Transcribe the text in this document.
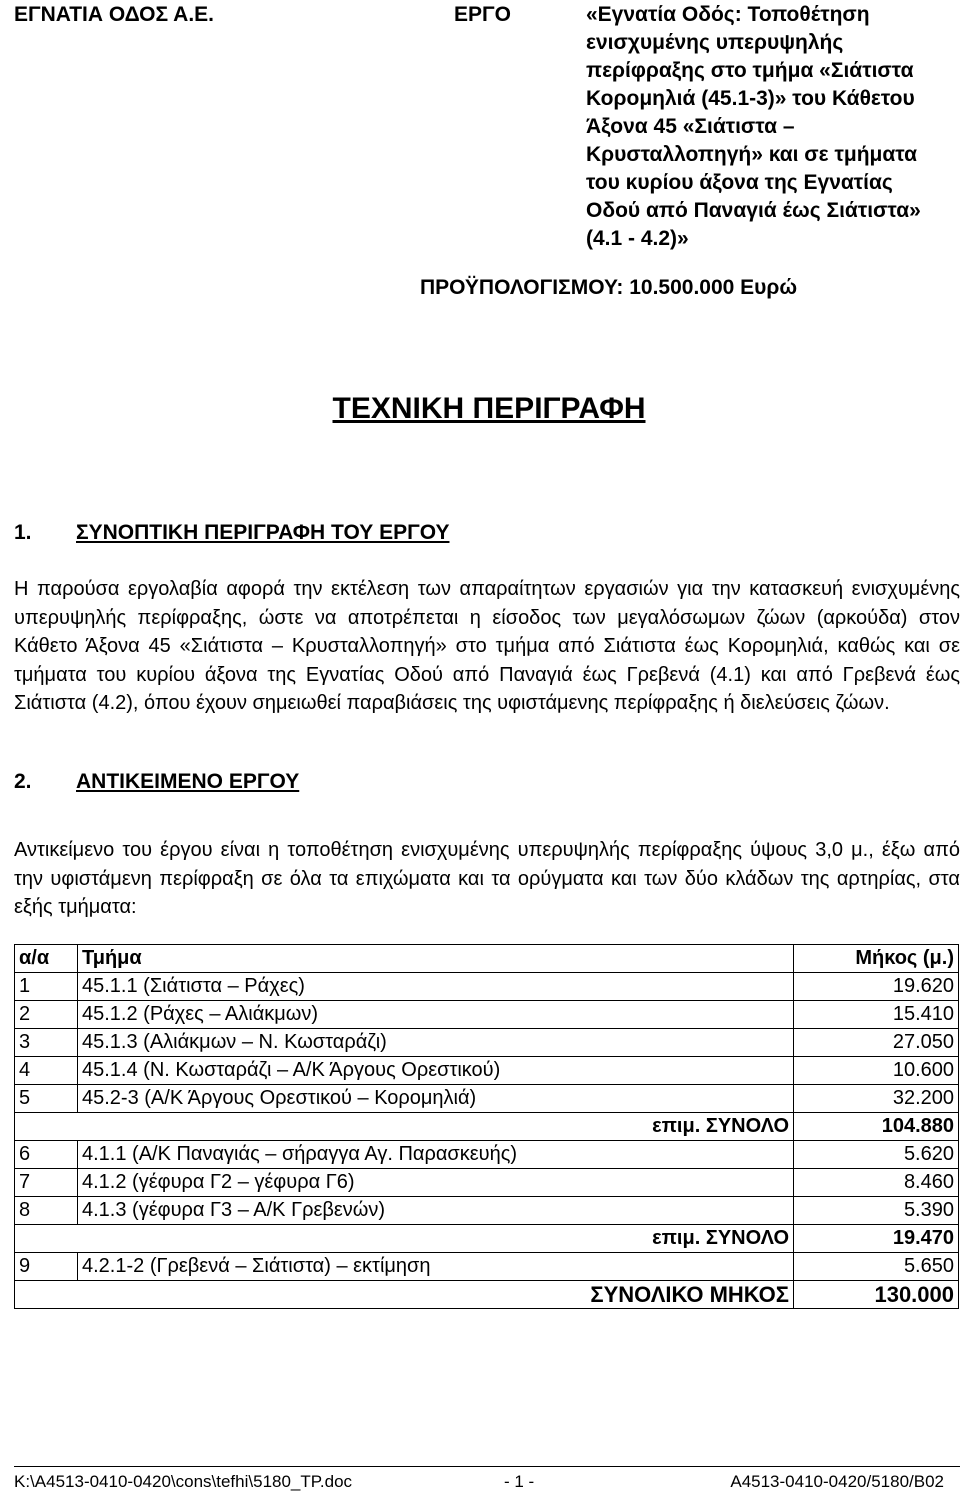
ΕΓΝΑΤΙΑ ΟΔΟΣ Α.Ε.	ΕΡΓΟ	«Εγνατία Οδός: Τοποθέτηση
ενισχυμένης υπερυψηλής
περίφραξης στο τμήμα «Σιάτιστα
Κορομηλιά (45.1-3)» του Κάθετου
Άξονα 45 «Σιάτιστα –
Κρυσταλλοπηγή» και σε τμήματα
του κυρίου άξονα της Εγνατίας
Οδού από Παναγιά έως Σιάτιστα»
(4.1 - 4.2)»
ΠΡΟΫΠΟΛΟΓΙΣΜΟΥ: 10.500.000 Ευρώ
ΤΕΧΝΙΚΗ ΠΕΡΙΓΡΑΦΗ
1. ΣΥΝΟΠΤΙΚΗ ΠΕΡΙΓΡΑΦΗ ΤΟΥ ΕΡΓΟΥ
Η παρούσα εργολαβία αφορά την εκτέλεση των απαραίτητων εργασιών για την κατασκευή ενισχυμένης υπερυψηλής περίφραξης, ώστε να αποτρέπεται η είσοδος των μεγαλόσωμων ζώων (αρκούδα) στον Κάθετο Άξονα 45 «Σιάτιστα – Κρυσταλλοπηγή» στο τμήμα από Σιάτιστα έως Κορομηλιά, καθώς και σε τμήματα του κυρίου άξονα της Εγνατίας Οδού από Παναγιά έως Γρεβενά (4.1) και από Γρεβενά έως Σιάτιστα (4.2), όπου έχουν σημειωθεί παραβιάσεις της υφιστάμενης περίφραξης ή διελεύσεις ζώων.
2. ΑΝΤΙΚΕΙΜΕΝΟ ΕΡΓΟΥ
Αντικείμενο του έργου είναι η τοποθέτηση ενισχυμένης υπερυψηλής περίφραξης ύψους 3,0 μ., έξω από την υφιστάμενη περίφραξη σε όλα τα επιχώματα και τα ορύγματα και των δύο κλάδων της αρτηρίας, στα εξής τμήματα:
α/α	Τμήμα	Μήκος (μ.)
1	45.1.1 (Σιάτιστα – Ράχες)	19.620
2	45.1.2 (Ράχες – Αλιάκμων)	15.410
3	45.1.3 (Αλιάκμων – Ν. Κωσταράζι)	27.050
4	45.1.4 (Ν. Κωσταράζι – Α/Κ Άργους Ορεστικού)	10.600
5	45.2-3 (Α/Κ Άργους Ορεστικού – Κορομηλιά)	32.200
επιμ. ΣΥΝΟΛΟ		104.880
6	4.1.1 (Α/Κ Παναγιάς – σήραγγα Αγ. Παρασκευής)	5.620
7	4.1.2 (γέφυρα Γ2 – γέφυρα Γ6)	8.460
8	4.1.3 (γέφυρα Γ3 – Α/Κ Γρεβενών)	5.390
επιμ. ΣΥΝΟΛΟ		19.470
9	4.2.1-2 (Γρεβενά – Σιάτιστα) – εκτίμηση	5.650
ΣΥΝΟΛΙΚΟ ΜΗΚΟΣ		130.000
K:\A4513-0410-0420\cons\tefhi\5180_TP.doc	- 1 -	A4513-0410-0420/5180/B02
